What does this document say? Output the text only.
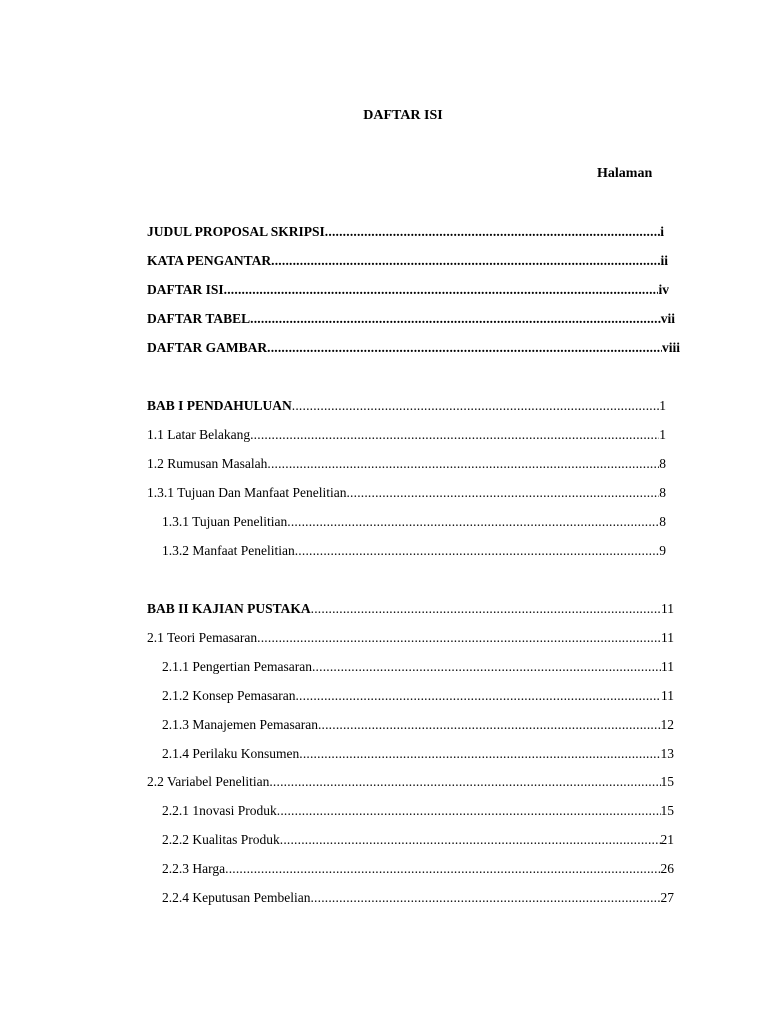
DAFTAR ISI
Halaman
JUDUL PROPOSAL SKRIPSI .....	i
KATA PENGANTAR .....	ii
DAFTAR ISI .....	iv
DAFTAR TABEL .....	vii
DAFTAR GAMBAR .....	viii
BAB I PENDAHULUAN .....	1
1.1 Latar Belakang .....	1
1.2 Rumusan Masalah .....	8
1.3.1 Tujuan Dan Manfaat Penelitian .....	8
1.3.1 Tujuan Penelitian .....	8
1.3.2 Manfaat Penelitian .....	9
BAB II KAJIAN PUSTAKA .....	11
2.1 Teori Pemasaran .....	11
2.1.1 Pengertian Pemasaran .....	11
2.1.2 Konsep Pemasaran .....	11
2.1.3 Manajemen Pemasaran .....	12
2.1.4 Perilaku Konsumen .....	13
2.2 Variabel Penelitian .....	15
2.2.1 1novasi Produk .....	15
2.2.2 Kualitas Produk .....	21
2.2.3 Harga .....	26
2.2.4 Keputusan Pembelian .....	27
